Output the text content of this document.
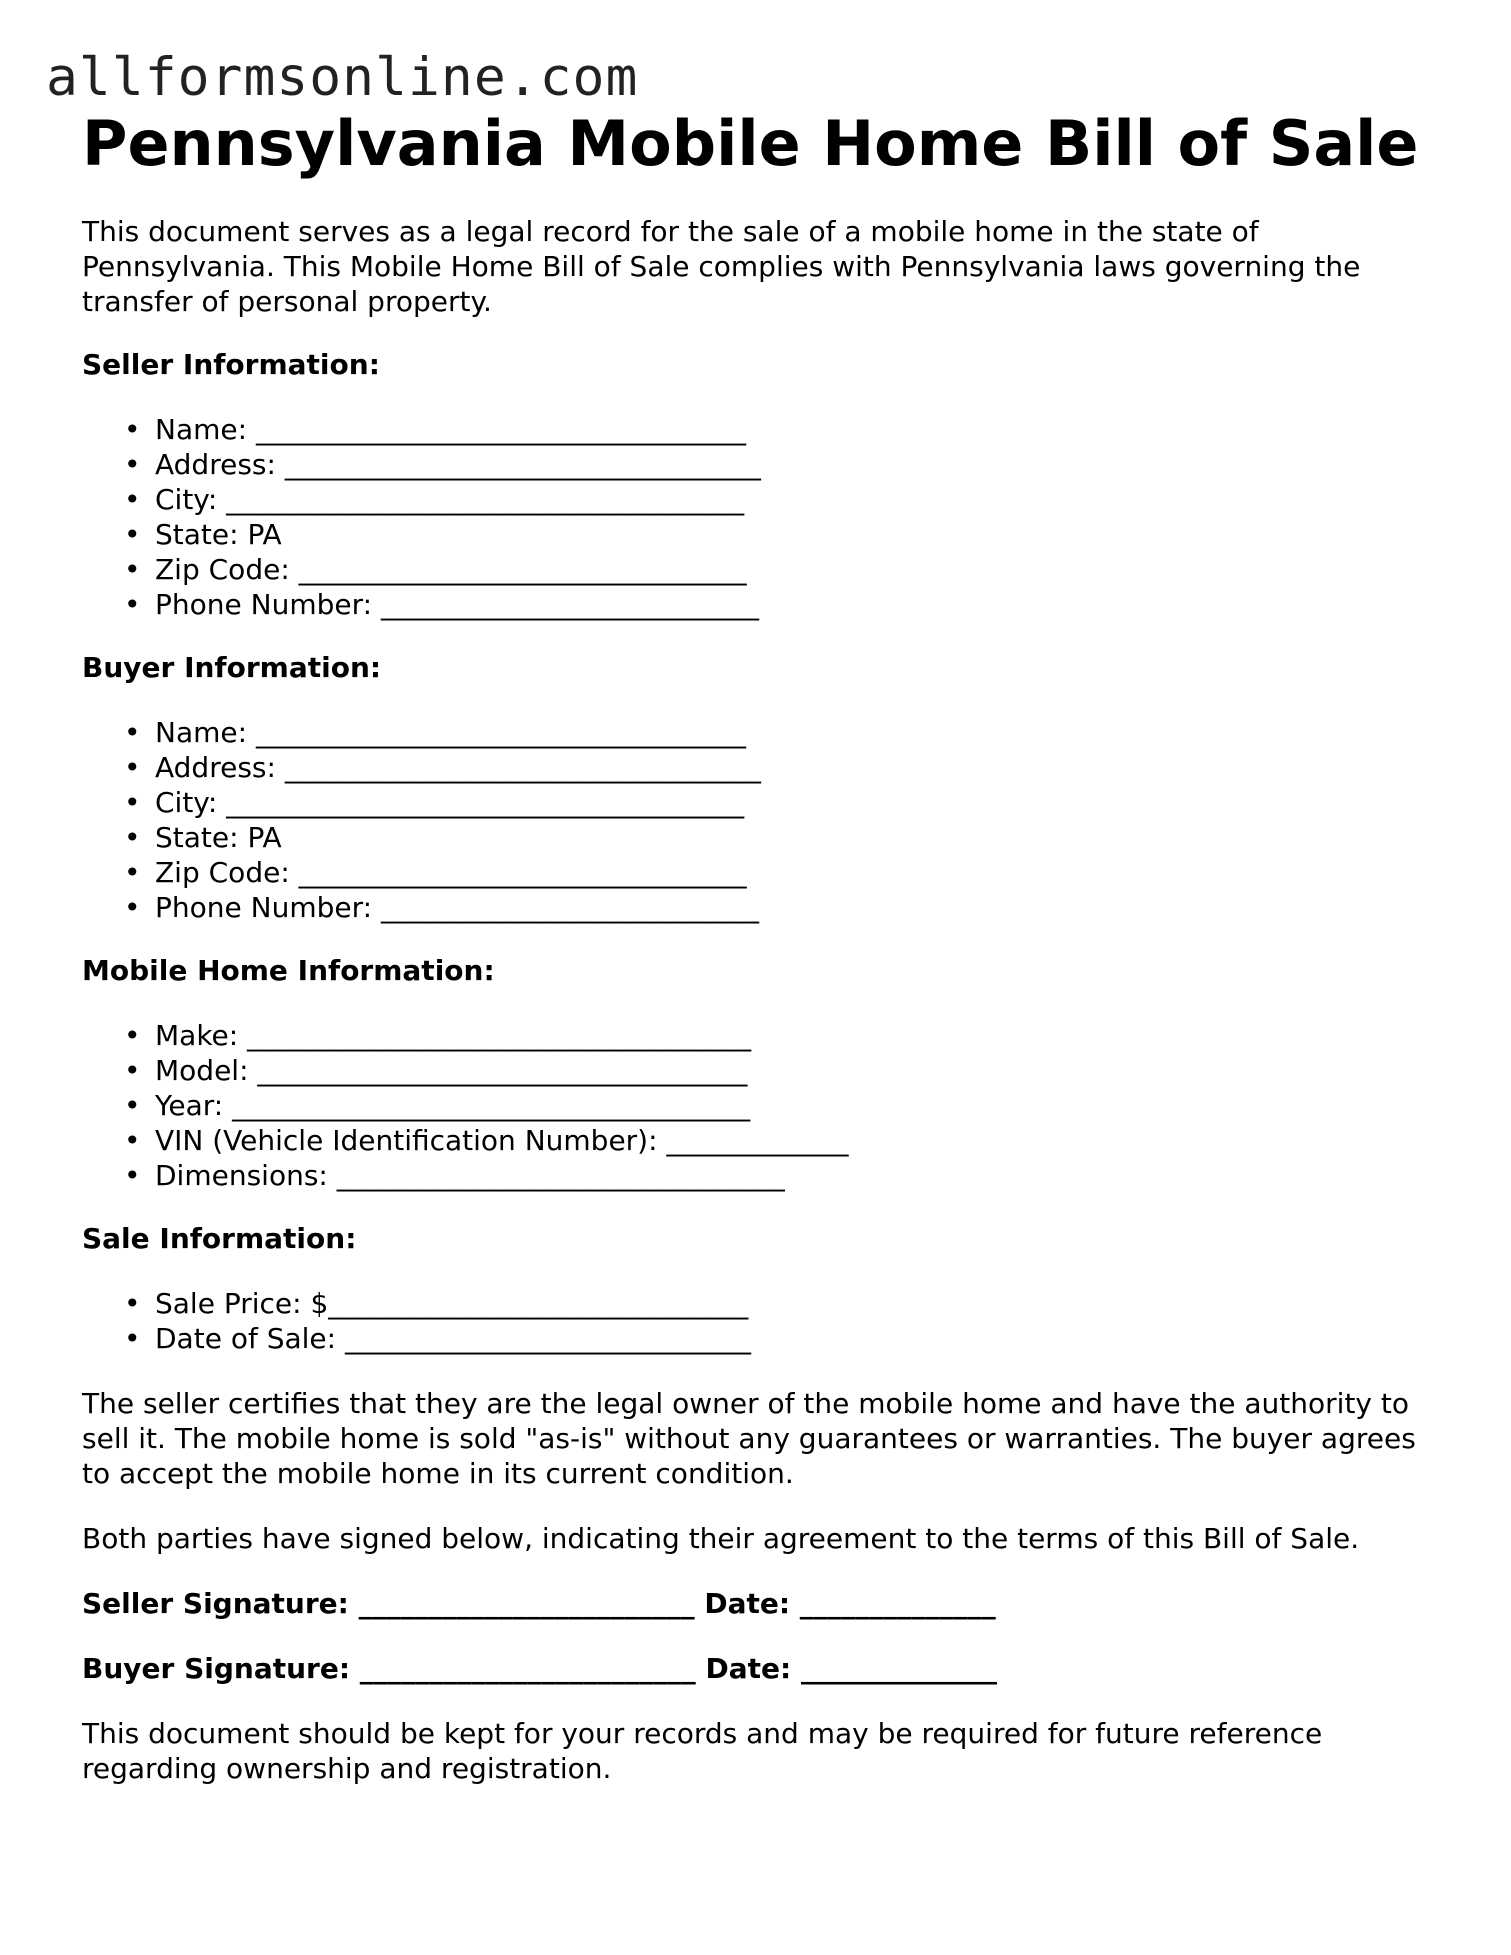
allformsonline.com
Pennsylvania Mobile Home Bill of Sale

This document serves as a legal record for the sale of a mobile home in the state of Pennsylvania. This Mobile Home Bill of Sale complies with Pennsylvania laws governing the transfer of personal property.

Seller Information:
• Name: ___________________________________
• Address: __________________________________
• City: _____________________________________
• State: PA
• Zip Code: ________________________________
• Phone Number: ___________________________
Buyer Information:
• Name: ___________________________________
• Address: __________________________________
• City: _____________________________________
• State: PA
• Zip Code: ________________________________
• Phone Number: ___________________________
Mobile Home Information:
• Make: ____________________________________
• Model: ___________________________________
• Year: _____________________________________
• VIN (Vehicle Identification Number): _____________
• Dimensions: ________________________________
Sale Information:
• Sale Price: $______________________________
• Date of Sale: _____________________________

The seller certifies that they are the legal owner of the mobile home and have the authority to sell it. The mobile home is sold "as-is" without any guarantees or warranties. The buyer agrees to accept the mobile home in its current condition.

Both parties have signed below, indicating their agreement to the terms of this Bill of Sale.

Seller Signature: ________________________ Date: ______________
Buyer Signature: ________________________ Date: ______________

This document should be kept for your records and may be required for future reference regarding ownership and registration.
